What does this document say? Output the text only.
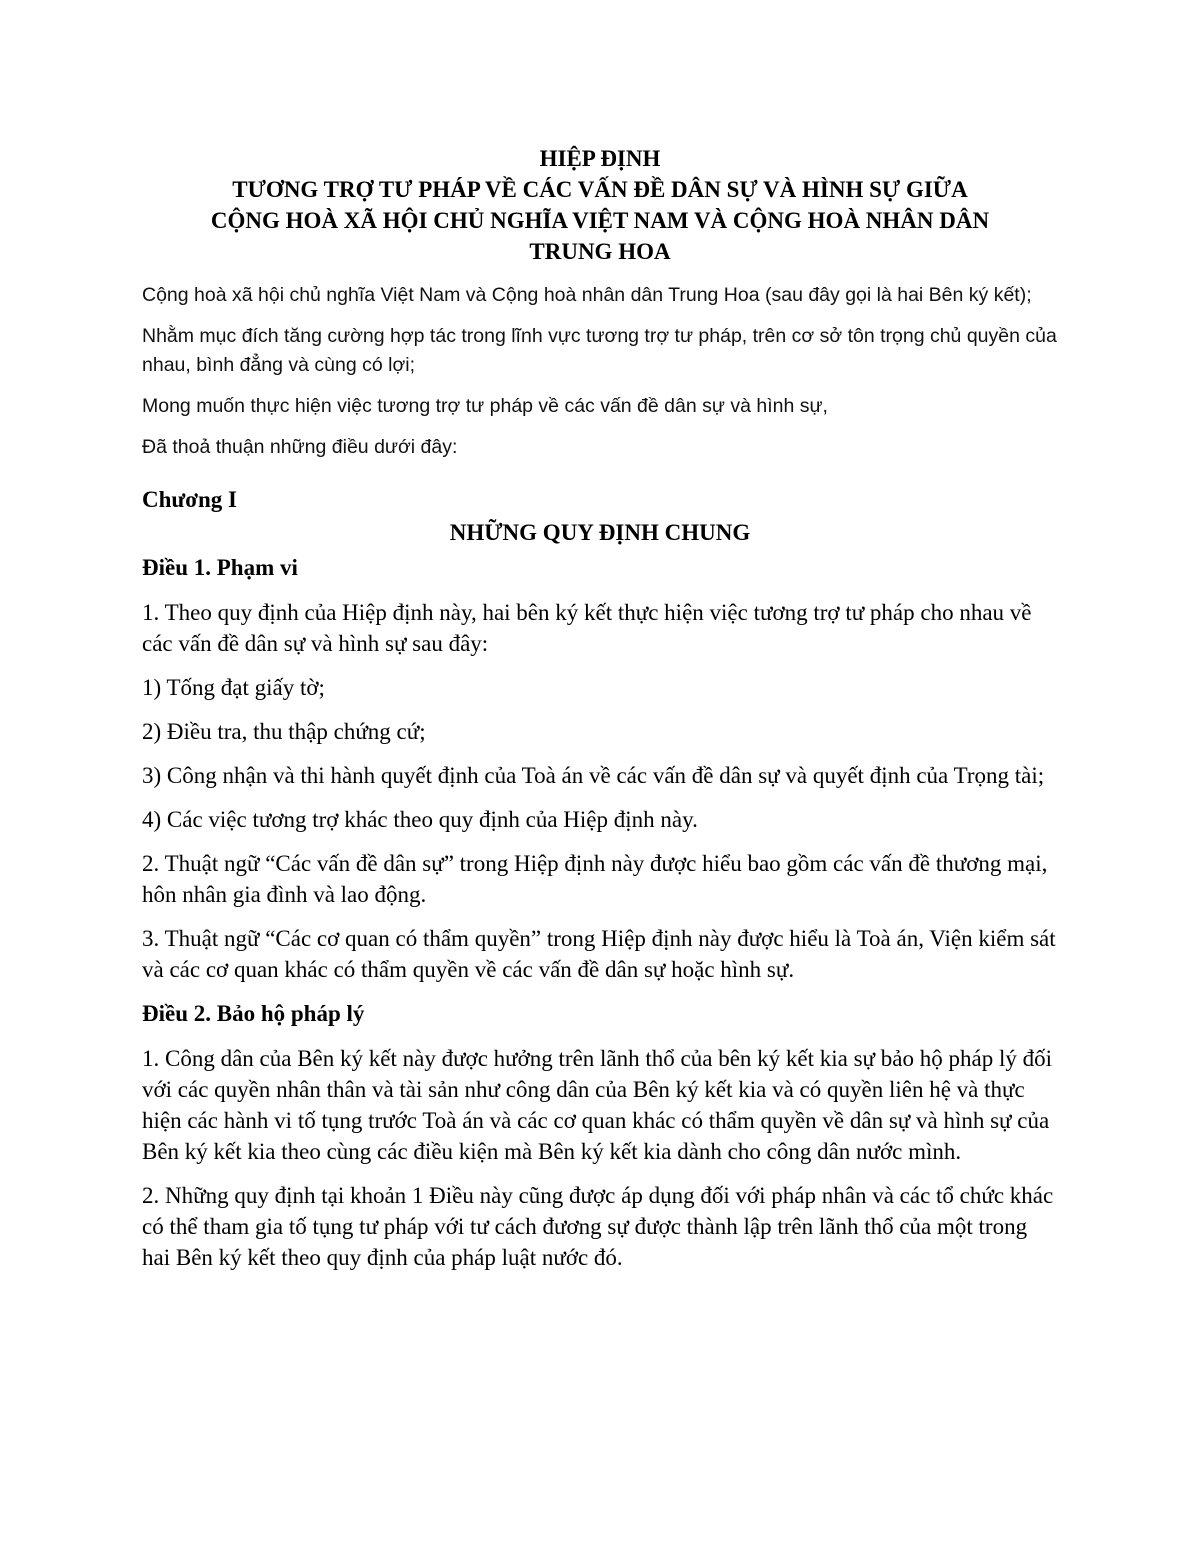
HIỆP ĐỊNH
TƯƠNG TRỢ TƯ PHÁP VỀ CÁC VẤN ĐỀ DÂN SỰ VÀ HÌNH SỰ GIỮA
CỘNG HOÀ XÃ HỘI CHỦ NGHĨA VIỆT NAM VÀ CỘNG HOÀ NHÂN DÂN
TRUNG HOA

Cộng hoà xã hội chủ nghĩa Việt Nam và Cộng hoà nhân dân Trung Hoa (sau đây gọi là hai Bên ký kết);

Nhằm mục đích tăng cường hợp tác trong lĩnh vực tương trợ tư pháp, trên cơ sở tôn trọng chủ quyền của nhau, bình đẳng và cùng có lợi;

Mong muốn thực hiện việc tương trợ tư pháp về các vấn đề dân sự và hình sự,

Đã thoả thuận những điều dưới đây:

Chương I
NHỮNG QUY ĐỊNH CHUNG
Điều 1. Phạm vi

1. Theo quy định của Hiệp định này, hai bên ký kết thực hiện việc tương trợ tư pháp cho nhau về các vấn đề dân sự và hình sự sau đây:

1) Tống đạt giấy tờ;

2) Điều tra, thu thập chứng cứ;

3) Công nhận và thi hành quyết định của Toà án về các vấn đề dân sự và quyết định của Trọng tài;

4) Các việc tương trợ khác theo quy định của Hiệp định này.

2. Thuật ngữ “Các vấn đề dân sự” trong Hiệp định này được hiểu bao gồm các vấn đề thương mại, hôn nhân gia đình và lao động.

3. Thuật ngữ “Các cơ quan có thẩm quyền” trong Hiệp định này được hiểu là Toà án, Viện kiểm sát và các cơ quan khác có thẩm quyền về các vấn đề dân sự hoặc hình sự.

Điều 2. Bảo hộ pháp lý

1. Công dân của Bên ký kết này được hưởng trên lãnh thổ của bên ký kết kia sự bảo hộ pháp lý đối với các quyền nhân thân và tài sản như công dân của Bên ký kết kia và có quyền liên hệ và thực hiện các hành vi tố tụng trước Toà án và các cơ quan khác có thẩm quyền về dân sự và hình sự của Bên ký kết kia theo cùng các điều kiện mà Bên ký kết kia dành cho công dân nước mình.

2. Những quy định tại khoản 1 Điều này cũng được áp dụng đối với pháp nhân và các tổ chức khác có thể tham gia tố tụng tư pháp với tư cách đương sự được thành lập trên lãnh thổ của một trong hai Bên ký kết theo quy định của pháp luật nước đó.
